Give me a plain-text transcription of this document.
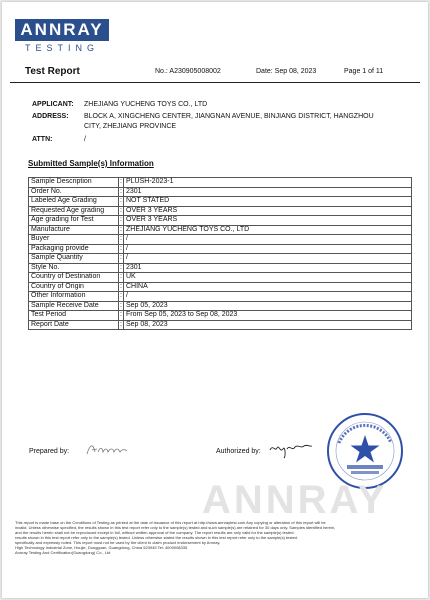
ANNRAY
TESTING
Test Report	No.: A230905008002	Date: Sep 08, 2023	Page 1 of 11
APPLICANT: ZHEJIANG YUCHENG TOYS CO., LTD
ADDRESS: BLOCK A, XINGCHENG CENTER, JIANGNAN AVENUE, BINJIANG DISTRICT, HANGZHOU CITY, ZHEJIANG PROVINCE
ATTN:	/
Submitted Sample(s) Information
Sample Description	:	PLUSH-2023-1
Order No.	:	2301
Labeled Age Grading	:	NOT STATED
Requested Age grading	:	OVER 3 YEARS
Age grading for Test	:	OVER 3 YEARS
Manufacture	:	ZHEJIANG YUCHENG TOYS CO., LTD
Buyer	:	/
Packaging provide	:	/
Sample Quantity	:	/
Style No.	:	2301
Country of Destination	:	UK
Country of Origin	:	CHINA
Other Information	:	/
Sample Receive Date	:	Sep 05, 2023
Test Period	:	From Sep 05, 2023 to Sep 08, 2023
Report Date	:	Sep 08, 2023
Prepared by:	Authorized by:
ANNRAY
This report is made base on the Conditions of Testing as printed at the date of issuance of this report at http://www.annraytest.com Any copying or alteration of this report will be
invalid. Unless otherwise specified, the results shown in this test report refer only to the sample(s) tested and such sample(s) are retained for 30 days only. Samples identified herein,
and the results herein shall not be reproduced except in full, without written approval of the company. The report results are only valid for the sample(s) tested.
results shown in this test report refer only to the sample(s) tested. Unless otherwise stated the results shown in this test report refer only to the sample(s) tested.
specifically and expressly noted. This report must not be used by the client to claim product endorsement by Annray.
High Technology Industrial Zone, Houjie, Dongguan, Guangdong, China 523945 Tel: 4009008335
Annray Testing And Certification(Guangdong) Co., Ltd
